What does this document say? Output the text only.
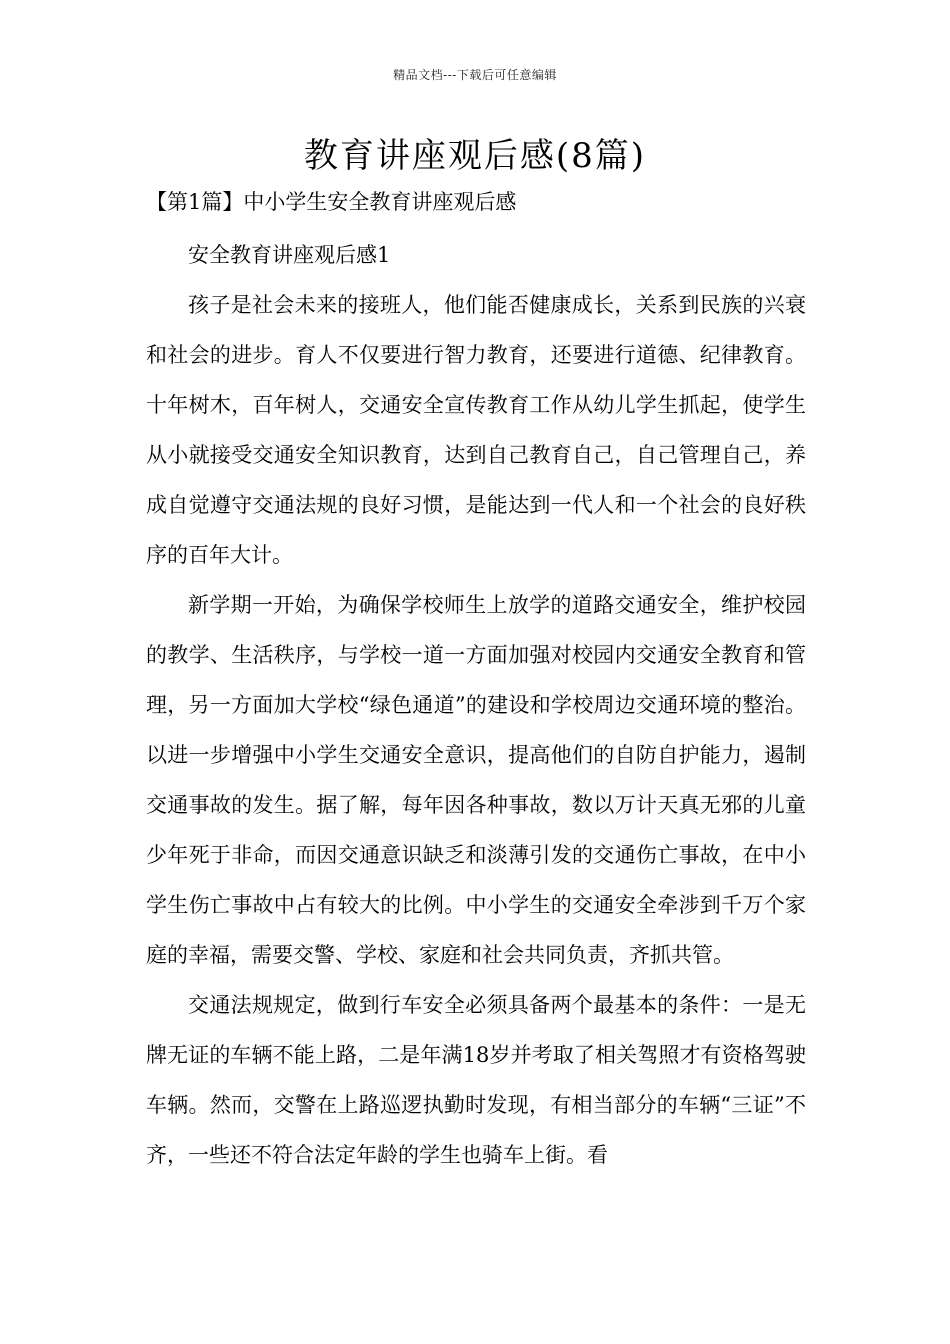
精品文档---下载后可任意编辑
教育讲座观后感(8篇)
【第1篇】中小学生安全教育讲座观后感

安全教育讲座观后感1

孩子是社会未来的接班人，他们能否健康成长，关系到民族的兴衰和社会的进步。育人不仅要进行智力教育，还要进行道德、纪律教育。十年树木，百年树人，交通安全宣传教育工作从幼儿学生抓起，使学生从小就接受交通安全知识教育，达到自己教育自己，自己管理自己，养成自觉遵守交通法规的良好习惯，是能达到一代人和一个社会的良好秩序的百年大计。

新学期一开始，为确保学校师生上放学的道路交通安全，维护校园的教学、生活秩序，与学校一道一方面加强对校园内交通安全教育和管理，另一方面加大学校“绿色通道”的建设和学校周边交通环境的整治。以进一步增强中小学生交通安全意识，提高他们的自防自护能力，遏制交通事故的发生。据了解，每年因各种事故，数以万计天真无邪的儿童少年死于非命，而因交通意识缺乏和淡薄引发的交通伤亡事故，在中小学生伤亡事故中占有较大的比例。中小学生的交通安全牵涉到千万个家庭的幸福，需要交警、学校、家庭和社会共同负责，齐抓共管。

交通法规规定，做到行车安全必须具备两个最基本的条件：一是无牌无证的车辆不能上路，二是年满18岁并考取了相关驾照才有资格驾驶车辆。然而，交警在上路巡逻执勤时发现，有相当部分的车辆“三证”不齐，一些还不符合法定年龄的学生也骑车上街。看
